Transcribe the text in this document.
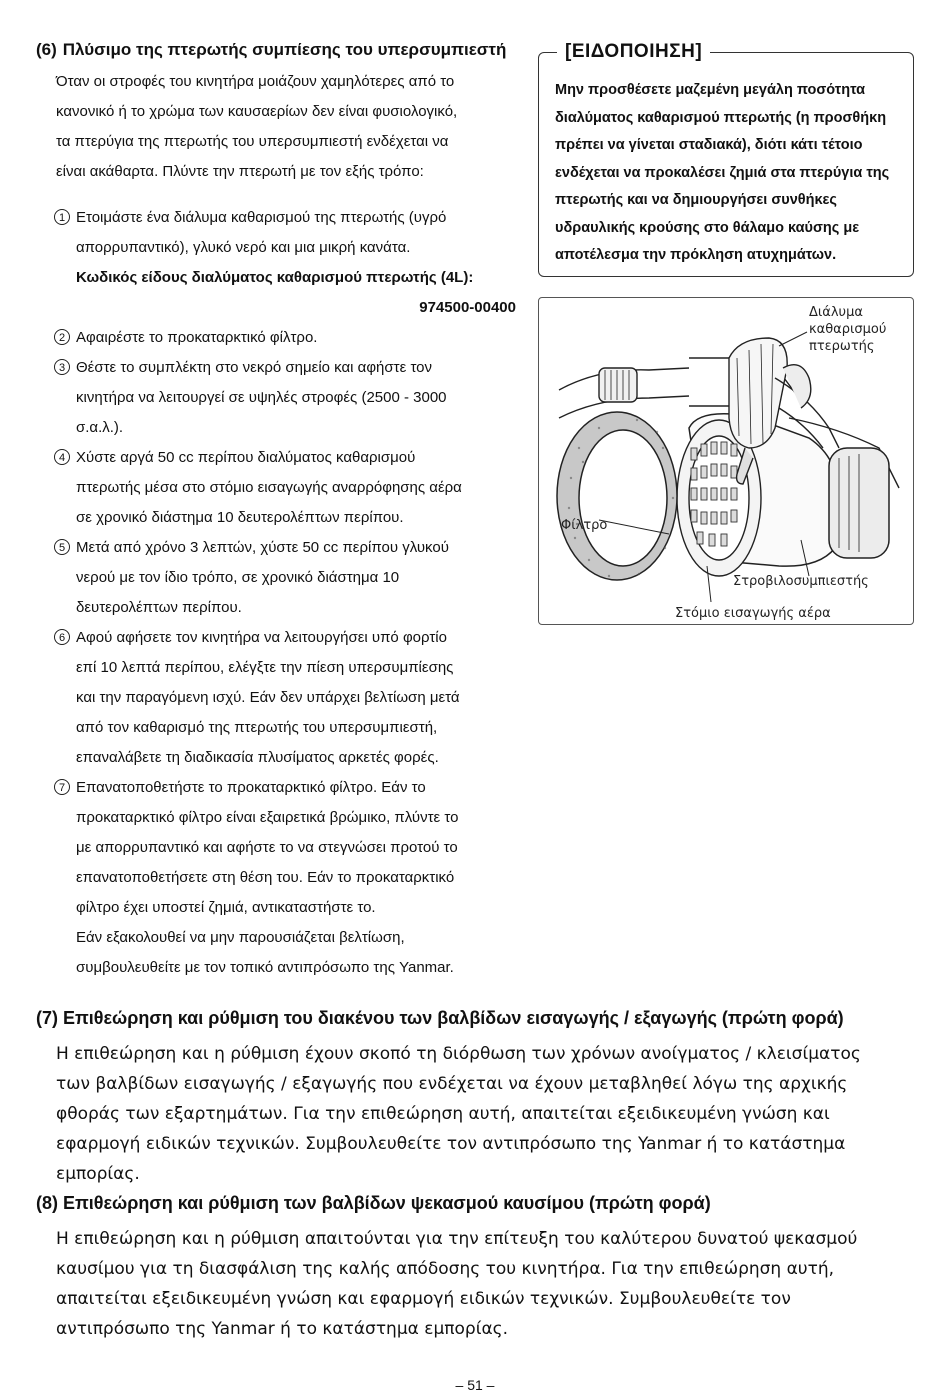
(6) Πλύσιμο της πτερωτής συμπίεσης του υπερσυμπιεστή

Όταν οι στροφές του κινητήρα μοιάζουν χαμηλότερες από το
κανονικό ή το χρώμα των καυσαερίων δεν είναι φυσιολογικό,
τα πτερύγια της πτερωτής του υπερσυμπιεστή ενδέχεται να
είναι ακάθαρτα. Πλύντε την πτερωτή με τον εξής τρόπο:
1 Ετοιμάστε ένα διάλυμα καθαρισμού της πτερωτής (υγρό
απορρυπαντικό), γλυκό νερό και μια μικρή κανάτα.
Κωδικός είδους διαλύματος καθαρισμού πτερωτής (4L):
974500-00400
2 Αφαιρέστε το προκαταρκτικό φίλτρο.
3 Θέστε το συμπλέκτη στο νεκρό σημείο και αφήστε τον
κινητήρα να λειτουργεί σε υψηλές στροφές (2500 - 3000
σ.α.λ.).
4 Χύστε αργά 50 cc περίπου διαλύματος καθαρισμού
πτερωτής μέσα στο στόμιο εισαγωγής αναρρόφησης αέρα
σε χρονικό διάστημα 10 δευτερολέπτων περίπου.
5 Μετά από χρόνο 3 λεπτών, χύστε 50 cc περίπου γλυκού
νερού με τον ίδιο τρόπο, σε χρονικό διάστημα 10
δευτερολέπτων περίπου.
6 Αφού αφήσετε τον κινητήρα να λειτουργήσει υπό φορτίο
επί 10 λεπτά περίπου, ελέγξτε την πίεση υπερσυμπίεσης
και την παραγόμενη ισχύ. Εάν δεν υπάρχει βελτίωση μετά
από τον καθαρισμό της πτερωτής του υπερσυμπιεστή,
επαναλάβετε τη διαδικασία πλυσίματος αρκετές φορές.
7 Επανατοποθετήστε το προκαταρκτικό φίλτρο. Εάν το
προκαταρκτικό φίλτρο είναι εξαιρετικά βρώμικο, πλύντε το
με απορρυπαντικό και αφήστε το να στεγνώσει προτού το
επανατοποθετήσετε στη θέση του. Εάν το προκαταρκτικό
φίλτρο έχει υποστεί ζημιά, αντικαταστήστε το.
Εάν εξακολουθεί να μην παρουσιάζεται βελτίωση,
συμβουλευθείτε με τον τοπικό αντιπρόσωπο της Yanmar.
[ΕΙΔΟΠΟΙΗΣΗ]
Μην προσθέσετε μαζεμένη μεγάλη ποσότητα
διαλύματος καθαρισμού πτερωτής (η προσθήκη
πρέπει να γίνεται σταδιακά), διότι κάτι τέτοιο
ενδέχεται να προκαλέσει ζημιά στα πτερύγια της
πτερωτής και να δημιουργήσει συνθήκες
υδραυλικής κρούσης στο θάλαμο καύσης με
αποτέλεσμα την πρόκληση ατυχημάτων.
Διάλυμα
καθαρισμού
πτερωτής
Φίλτρο
Στροβιλοσυμπιεστής
Στόμιο εισαγωγής αέρα

(7) Επιθεώρηση και ρύθμιση του διακένου των βαλβίδων εισαγωγής / εξαγωγής (πρώτη φορά)

Η επιθεώρηση και η ρύθμιση έχουν σκοπό τη διόρθωση των χρόνων ανοίγματος / κλεισίματος
των βαλβίδων εισαγωγής / εξαγωγής που ενδέχεται να έχουν μεταβληθεί λόγω της αρχικής
φθοράς των εξαρτημάτων. Για την επιθεώρηση αυτή, απαιτείται εξειδικευμένη γνώση και
εφαρμογή ειδικών τεχνικών. Συμβουλευθείτε τον αντιπρόσωπο της Yanmar ή το κατάστημα
εμπορίας.

(8) Επιθεώρηση και ρύθμιση των βαλβίδων ψεκασμού καυσίμου (πρώτη φορά)

Η επιθεώρηση και η ρύθμιση απαιτούνται για την επίτευξη του καλύτερου δυνατού ψεκασμού
καυσίμου για τη διασφάλιση της καλής απόδοσης του κινητήρα. Για την επιθεώρηση αυτή,
απαιτείται εξειδικευμένη γνώση και εφαρμογή ειδικών τεχνικών. Συμβουλευθείτε τον
αντιπρόσωπο της Yanmar ή το κατάστημα εμπορίας.
– 51 –
